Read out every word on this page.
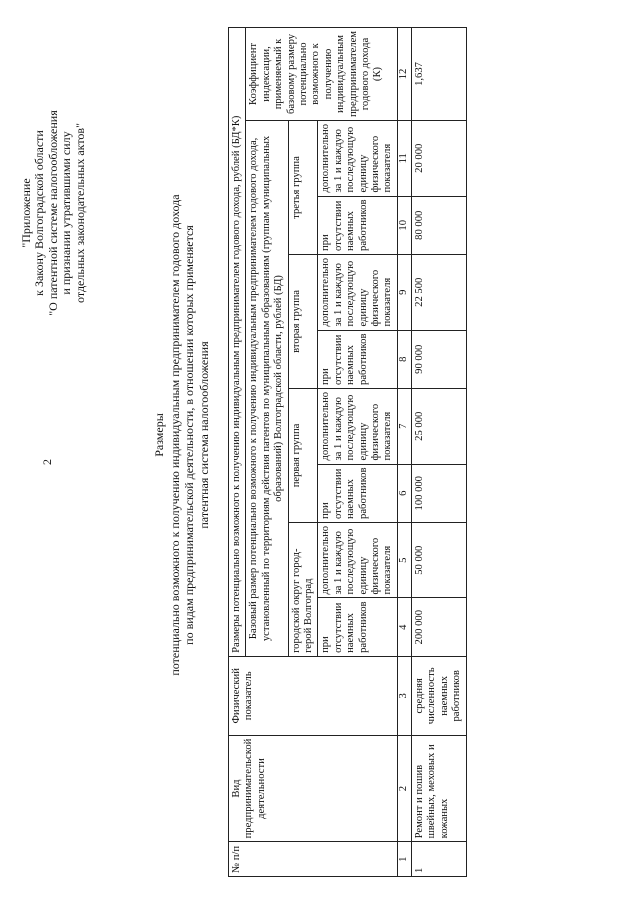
2
"Приложение к Закону Волгоградской области "О патентной системе налогообложения и признании утратившими силу отдельных законодательных актов"
Размеры потенциально возможного к получению индивидуальным предпринимателем годового дохода по видам предпринимательской деятельности, в отношении которых применяется патентная система налогообложения
№ п/п	Вид предпринимательской деятельности	Физический показатель	Размеры потенциально возможного к получению индивидуальным предпринимателем годового дохода, рублей (БД*К)								
			Базовый размер потенциально возможного к получению индивидуальным предпринимателем годового дохода, установленный по территориям действия патентов по муниципальным образованиям (группам муниципальных образований) Волгоградской области, рублей (БД)								Коэффициент индексации, применяемый к базовому размеру потенциально возможного к получению индивидуальным предпринимателем годового дохода (К)
			городской округ город-герой Волгоград		первая группа		вторая группа		третья группа		
			при отсутствии наемных работников	дополнительно за 1 и каждую последующую единицу физического показателя	при отсутствии наемных работников	дополнительно за 1 и каждую последующую единицу физического показателя	при отсутствии наемных работников	дополнительно за 1 и каждую последующую единицу физического показателя	при отсутствии наемных работников	дополнительно за 1 и каждую последующую единицу физического показателя	
1	2	3	4	5	6	7	8	9	10	11	12
1	Ремонт и пошив швейных, меховых и кожаных	средняя численность наемных работников	200 000	50 000	100 000	25 000	90 000	22 500	80 000	20 000	1,637
